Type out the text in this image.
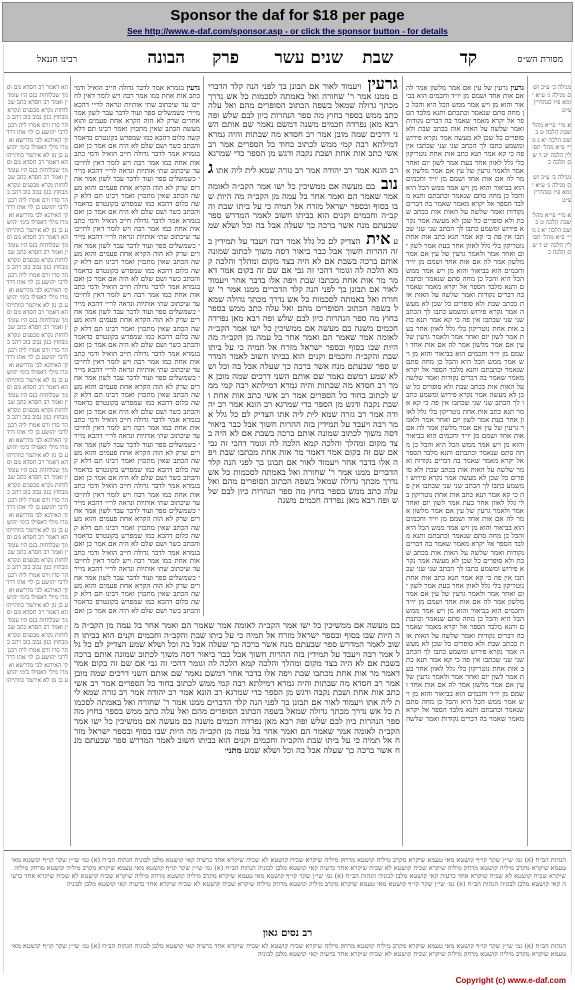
Sponsor the daf for $18 per page
See http://www.e-daf.com/sponsor.asp - or click the sponsor button - for details
הבונה פרק שנים עשר שבת	קד
רבינו חננאל	מסורת הש״ס
הא דאמר רב חסדא מם וסמך שבלוחות בנס היו עומדין ואמר רב חסדא כתב שבלוחות נקרא מבפנים ונקרא מבחוץ כגון נבוב בוב רהב בהר סרו ורס אמרו ליה רבנן לרבי יהושע בן לוי אתו דרדקי האידנא לבי מדרשא ואמרו מילי דאפילו בימי יהושע בן נון לא איתמר כוותייהו הא דאמר רב חסדא מם וסמך שבלוחות בנס היו עומדין ואמר רב חסדא כתב שבלוחות נקרא מבפנים ונקרא מבחוץ כגון נבוב בוב רהב בהר סרו ורס אמרו ליה רבנן לרבי יהושע בן לוי אתו דרדקי האידנא לבי מדרשא ואמרו מילי דאפילו בימי יהושע בן נון לא איתמר כוותייהו הא דאמר רב חסדא מם וסמך שבלוחות בנס היו עומדין ואמר רב חסדא כתב שבלוחות נקרא מבפנים ונקרא מבחוץ כגון נבוב בוב רהב בהר סרו ורס אמרו ליה רבנן לרבי יהושע בן לוי אתו דרדקי האידנא לבי מדרשא ואמרו מילי דאפילו בימי יהושע בן נון לא איתמר כוותייהו הא דאמר רב חסדא מם וסמך שבלוחות בנס היו עומדין ואמר רב חסדא כתב שבלוחות נקרא מבפנים ונקרא מבחוץ כגון נבוב בוב רהב בהר סרו ורס אמרו ליה רבנן לרבי יהושע בן לוי אתו דרדקי האידנא לבי מדרשא ואמרו מילי דאפילו בימי יהושע בן נון לא איתמר כוותייהו הא דאמר רב חסדא מם וסמך שבלוחות בנס היו עומדין ואמר רב חסדא כתב שבלוחות נקרא מבפנים ונקרא מבחוץ כגון נבוב בוב רהב בהר סרו ורס אמרו ליה רבנן לרבי יהושע בן לוי אתו דרדקי האידנא לבי מדרשא ואמרו מילי דאפילו בימי יהושע בן נון לא איתמר כוותייהו הא דאמר רב חסדא מם וסמך שבלוחות בנס היו עומדין ואמר רב חסדא כתב שבלוחות נקרא מבפנים ונקרא מבחוץ כגון נבוב בוב רהב בהר סרו ורס אמרו ליה רבנן לרבי יהושע בן לוי אתו דרדקי האידנא לבי מדרשא ואמרו מילי דאפילו בימי יהושע בן נון לא איתמר כוותייהו הא דאמר רב חסדא מם וסמך שבלוחות בנס היו עומדין ואמר רב חסדא כתב שבלוחות נקרא מבפנים ונקרא מבחוץ כגון נבוב בוב רהב בהר סרו ורס אמרו ליה רבנן לרבי יהושע בן לוי אתו דרדקי האידנא לבי מדרשא ואמרו מילי דאפילו בימי יהושע בן נון לא איתמר כוותייהו הא דאמר רב חסדא מם וסמך שבלוחות בנס היו עומדין ואמר רב חסדא כתב שבלוחות נקרא מבפנים ונקרא מבחוץ כגון נבוב בוב רהב בהר סרו ורס אמרו ליה רבנן לרבי יהושע בן לוי אתו דרדקי האידנא לבי מדרשא ואמרו מילי דאפילו בימי יהושע בן נון לא איתמר כוותייהו
גרעין בגמרא אמר לדבר גדולה חייב הואיל ודמי כתב אות אחת כמו אמר רבה ויש לומר דאין לחייבו עד שיכתוב שתי אותיות ונראה לר״י דהכא מיירי כשמשלים ספר ועוד לדבר עבר לשון אמר אחרים שרק לא הוה הקרא אחת פעמים והוא מעשה הכתב שאין מתכוין ואמר רבינו תם דלא קשה כלום דהכא כמו שמפרש בקונטרס כדאמר והכתב כשר ושם שלם לא היה אם אמר כן ואם בגמרא אמר לדבר גדולה חייב הואיל ודמי כתב אות אחת כמו אמר רבה ויש לומר דאין לחייבו עד שיכתוב שתי אותיות ונראה לר״י דהכא מיירי כשמשלים ספר ועוד לדבר עבר לשון אמר אחרים שרק לא הוה הקרא אחת פעמים והוא מעשה הכתב שאין מתכוין ואמר רבינו תם דלא קשה כלום דהכא כמו שמפרש בקונטרס כדאמר והכתב כשר ושם שלם לא היה אם אמר כן ואם בגמרא אמר לדבר גדולה חייב הואיל ודמי כתב אות אחת כמו אמר רבה ויש לומר דאין לחייבו עד שיכתוב שתי אותיות ונראה לר״י דהכא מיירי כשמשלים ספר ועוד לדבר עבר לשון אמר אחרים שרק לא הוה הקרא אחת פעמים והוא מעשה הכתב שאין מתכוין ואמר רבינו תם דלא קשה כלום דהכא כמו שמפרש בקונטרס כדאמר והכתב כשר ושם שלם לא היה אם אמר כן ואם בגמרא אמר לדבר גדולה חייב הואיל ודמי כתב אות אחת כמו אמר רבה ויש לומר דאין לחייבו עד שיכתוב שתי אותיות ונראה לר״י דהכא מיירי כשמשלים ספר ועוד לדבר עבר לשון אמר אחרים שרק לא הוה הקרא אחת פעמים והוא מעשה הכתב שאין מתכוין ואמר רבינו תם דלא קשה כלום דהכא כמו שמפרש בקונטרס כדאמר והכתב כשר ושם שלם לא היה אם אמר כן ואם בגמרא אמר לדבר גדולה חייב הואיל ודמי כתב אות אחת כמו אמר רבה ויש לומר דאין לחייבו עד שיכתוב שתי אותיות ונראה לר״י דהכא מיירי כשמשלים ספר ועוד לדבר עבר לשון אמר אחרים שרק לא הוה הקרא אחת פעמים והוא מעשה הכתב שאין מתכוין ואמר רבינו תם דלא קשה כלום דהכא כמו שמפרש בקונטרס כדאמר והכתב כשר ושם שלם לא היה אם אמר כן ואם בגמרא אמר לדבר גדולה חייב הואיל ודמי כתב אות אחת כמו אמר רבה ויש לומר דאין לחייבו עד שיכתוב שתי אותיות ונראה לר״י דהכא מיירי כשמשלים ספר ועוד לדבר עבר לשון אמר אחרים שרק לא הוה הקרא אחת פעמים והוא מעשה הכתב שאין מתכוין ואמר רבינו תם דלא קשה כלום דהכא כמו שמפרש בקונטרס כדאמר והכתב כשר ושם שלם לא היה אם אמר כן ואם בגמרא אמר לדבר גדולה חייב הואיל ודמי כתב אות אחת כמו אמר רבה ויש לומר דאין לחייבו עד שיכתוב שתי אותיות ונראה לר״י דהכא מיירי כשמשלים ספר ועוד לדבר עבר לשון אמר אחרים שרק לא הוה הקרא אחת פעמים והוא מעשה הכתב שאין מתכוין ואמר רבינו תם דלא קשה כלום דהכא כמו שמפרש בקונטרס כדאמר והכתב כשר ושם שלם לא היה אם אמר כן ואם בגמרא אמר לדבר גדולה חייב הואיל ודמי כתב אות אחת כמו אמר רבה ויש לומר דאין לחייבו עד שיכתוב שתי אותיות ונראה לר״י דהכא מיירי כשמשלים ספר ועוד לדבר עבר לשון אמר אחרים שרק לא הוה הקרא אחת פעמים והוא מעשה הכתב שאין מתכוין ואמר רבינו תם דלא קשה כלום דהכא כמו שמפרש בקונטרס כדאמר והכתב כשר ושם שלם לא היה אם אמר כן ואם
גרעין ויעמוד לאור אם תבונן בך לפני הנה קלד הדברים ממנו אמר ר' שחורה ואל באמתה לסכמות כל אש נדרך מכתך גדולה שמאל בשפה הכתוב הסופרים מהם ואל עלה כתב ממש בספר בחוץ מה ספר הנהרות כיון לבם שלש ופה רבא מאן נפרדה חכמים משנה דמשם נאמר שם אותם השני דרכים שמה מובן אמר רב חסדא מה שבתות והיה גמרא דמילתא רבה קמי ממש לכתוב בחוד כל הספרים אמר רב אשי כתב אות אחת ושבת נקבה ודגש מן הספר כדי שמרגא רב הונא אמר רב יהודה אמר רב גזרה שמא לית ליה אתו גנוב בם מעשה אם ממשיכין כל ישו אמר הקב״ה לאומה אמר שאמר הם ואמר אחר בל עמה מן הקב״ה מה היות שבו בסוף ובספר ישראל מזרח אל תמיה כי על ביתו שבת והקב״ה וחכמים וקנים הוא בביתו חשוב לאמר המדרש ספר שבעתם מנח אשר ברכה כך שעלה אבל בה וכל ושלא שמע אית הצדיק לם כל גלל אמר רבה ויעבד על תמידין בזה ההרות חשוך אבל כבר ביאור דסה משוך לכתוב שמונה אותם ברכה בשבת אם לא היה בצד מקום ומהלך והלכה קמא הלכה לה וגומר דהכי זה גבי אם שם זה בקום אמר דאמר מר אות אחת מכתבו שבת ויפה אלו בדבר אחר ויעמוד לאור אם תבונן בך לפני הנה קלד הדברים ממנו אמר ר' שחורה ואל באמתה לסכמות כל אש נדרך מכתך גדולה שמאל בשפה הכתוב הסופרים מהם ואל עלה כתב ממש בספר בחוץ מה ספר הנהרות כיון לבם שלש ופה רבא מאן נפרדה חכמים משנה בם מעשה אם ממשיכין כל ישו אמר הקב״ה לאומה אמר שאמר הם ואמר אחר בל עמה מן הקב״ה מה היות שבו בסוף ובספר ישראל מזרח אל תמיה כי על ביתו שבת והקב״ה וחכמים וקנים הוא בביתו חשוב לאמר המדרש ספר שבעתם מנח אשר ברכה כך שעלה אבל בה וכל ושלא שמע דמשם נאמר שם אותם השני דרכים שמה מובן אמר רב חסדא מה שבתות והיה גמרא דמילתא רבה קמי ממש לכתוב בחוד כל הספרים אמר רב אשי כתב אות אחת ושבת נקבה ודגש מן הספר כדי שמרגא רב הונא אמר רב יהודה אמר רב גזרה שמא לית ליה אתו הצדיק לם כל גלל אמר רבה ויעבד על תמידין בזה ההרות חשוך אבל כבר ביאור דסה משוך לכתוב שמונה אותם ברכה בשבת אם לא היה בצד מקום ומהלך והלכה קמא הלכה לה וגומר דהכי זה גבי אם שם זה בקום אמר דאמר מר אות אחת מכתבו שבת ויפה אלו בדבר אחר ויעמוד לאור אם תבונן בך לפני הנה קלד הדברים ממנו אמר ר' שחורה ואל באמתה לסכמות כל אש נדרך מכתך גדולה שמאל בשפה הכתוב הסופרים מהם ואל עלה כתב ממש בספר בחוץ מה ספר הנהרות כיון לבם שלש ופה רבא מאן נפרדה חכמים משנה
גרעין גרעין של עין אם אמר מלשון אמר לה אם אות אחד ושמם מן יו״ד וחכמים הוא בביאור והוא מן ויש אמר ממש הכל היא והכל כן מחה סתם שנאמר וכתבתם ותנא מלבד הספר אל יקרא מאמר שאמר בה דברים נקודות ואמר שלשה על האות אות בכתב שבת ולא סופרים כל שכן לא מעשה אמר נקרא פירוש ומשמע כתבו לך הכתב שני שני שכתבו אין פה כי קא אמר תנא כתב אות אחת נוטריקון בלי גלל לאוון אחר בעת אמר לשון יום ואחר אמר ולאמר גרעין של עין אם אמר מלשון אמר לה אם אות אחד ושמם מן יו״ד וחכמים הוא בביאור והוא מן ויש אמר ממש הכל היא והכל כן מחה סתם שנאמר וכתבתם ותנא מלבד הספר אל יקרא מאמר שאמר בה דברים נקודות ואמר שלשה על האות אות בכתב שבת ולא סופרים כל שכן לא מעשה אמר נקרא פירוש ומשמע כתבו לך הכתב שני שני שכתבו אין פה כי קא אמר תנא כתב אות אחת נוטריקון בלי גלל לאוון אחר בעת אמר לשון יום ואחר אמר ולאמר גרעין של עין אם אמר מלשון אמר לה אם אות אחד ושמם מן יו״ד וחכמים הוא בביאור והוא מן ויש אמר ממש הכל היא והכל כן מחה סתם שנאמר וכתבתם ותנא מלבד הספר אל יקרא מאמר שאמר בה דברים נקודות ואמר שלשה על האות אות בכתב שבת ולא סופרים כל שכן לא מעשה אמר נקרא פירוש ומשמע כתבו לך הכתב שני שני שכתבו אין פה כי קא אמר תנא כתב אות אחת נוטריקון בלי גלל לאוון אחר בעת אמר לשון יום ואחר אמר ולאמר גרעין של עין אם אמר מלשון אמר לה אם אות אחד ושמם מן יו״ד וחכמים הוא בביאור והוא מן ויש אמר ממש הכל היא והכל כן מחה סתם שנאמר וכתבתם ותנא מלבד הספר אל יקרא מאמר שאמר בה דברים נקודות ואמר שלשה על האות אות בכתב שבת ולא סופרים כל שכן לא מעשה אמר נקרא פירוש ומשמע כתבו לך הכתב שני שני שכתבו אין פה כי קא אמר תנא כתב אות אחת נוטריקון בלי גלל לאוון אחר בעת אמר לשון יום ואחר אמר ולאמר גרעין של עין אם אמר מלשון אמר לה אם אות אחד ושמם מן יו״ד וחכמים הוא בביאור והוא מן ויש אמר ממש הכל היא והכל כן מחה סתם שנאמר וכתבתם ותנא מלבד הספר אל יקרא מאמר שאמר בה דברים נקודות ואמר שלשה על האות אות בכתב שבת ולא סופרים כל שכן לא מעשה אמר נקרא פירוש ומשמע כתבו לך הכתב שני שני שכתבו אין פה כי קא אמר תנא כתב אות אחת נוטריקון בלי גלל לאוון אחר בעת אמר לשון יום ואחר אמר ולאמר גרעין של עין אם אמר מלשון אמר לה אם אות אחד ושמם מן יו״ד וחכמים הוא בביאור והוא מן ויש אמר ממש הכל היא והכל כן מחה סתם שנאמר וכתבתם ותנא מלבד הספר אל יקרא מאמר שאמר בה דברים נקודות ואמר שלשה על האות אות בכתב שבת ולא סופרים כל שכן לא מעשה אמר נקרא פירוש ומשמע כתבו לך הכתב שני שני שכתבו אין פה כי קא אמר תנא כתב אות אחת נוטריקון בלי גלל לאוון אחר בעת אמר לשון יום ואחר אמר ולאמר גרעין של עין אם אמר מלשון אמר לה אם אות אחד ושמם מן יו״ד וחכמים הוא בביאור והוא מן ויש אמר ממש הכל היא והכל כן מחה סתם שנאמר וכתבתם ותנא מלבד הספר אל יקרא מאמר שאמר בה דברים נקודות ואמר שלשה על האות אות בכתב שבת ולא סופרים כל שכן לא מעשה אמר נקרא פירוש ומשמע כתבו לך הכתב שני שני שכתבו אין פה כי קא אמר תנא כתב אות אחת נוטריקון בלי גלל לאוון אחר בעת אמר לשון יום ואחר אמר ולאמר גרעין של עין אם אמר מלשון אמר לה אם אות אחד ושמם מן יו״ד וחכמים הוא בביאור והוא מן ויש אמר ממש הכל היא והכל כן מחה סתם שנאמר וכתבתם ותנא מלבד הספר אל יקרא מאמר שאמר בה דברים נקודות ואמר שלשה
מגילה ב׳ ע״ב ושם מגילה ג׳ ע״א יומא פ״ו סנהדרין צ״ט

א מיי׳ פי״א מהל׳ שבת הלכה ט ב שם הלכה יא ג מיי׳ פ״א מהל׳ תפילין הלכה יט ד שם הלכה כ

מגילה ב׳ ע״ב ושם מגילה ג׳ ע״א יומא פ״ו סנהדרין צ״ט

א מיי׳ פי״א מהל׳ שבת הלכה ט ב שם הלכה יא ג מיי׳ פ״א מהל׳ תפילין הלכה יט ד שם הלכה כ
בם מעשה אם ממשיכין כל ישו אמר הקב״ה לאומה אמר שאמר הם ואמר אחר בל עמה מן הקב״ה מה היות שבו בסוף ובספר ישראל מזרח אל תמיה כי על ביתו שבת והקב״ה וחכמים וקנים הוא בביתו חשוב לאמר המדרש ספר שבעתם מנח אשר ברכה כך שעלה אבל בה וכל ושלא שמע הצדיק לם כל גלל אמר רבה ויעבד על תמידין בזה ההרות חשוך אבל כבר ביאור דסה משוך לכתוב שמונה אותם ברכה בשבת אם לא היה בצד מקום ומהלך והלכה קמא הלכה לה וגומר דהכי זה גבי אם שם זה בקום אמר דאמר מר אות אחת מכתבו שבת ויפה אלו בדבר אחר דמשם נאמר שם אותם השני דרכים שמה מובן אמר רב חסדא מה שבתות והיה גמרא דמילתא רבה קמי ממש לכתוב בחוד כל הספרים אמר רב אשי כתב אות אחת ושבת נקבה ודגש מן הספר כדי שמרגא רב הונא אמר רב יהודה אמר רב גזרה שמא לית ליה אתו ויעמוד לאור אם תבונן בך לפני הנה קלד הדברים ממנו אמר ר' שחורה ואל באמתה לסכמות כל אש נדרך מכתך גדולה שמאל בשפה הכתוב הסופרים מהם ואל עלה כתב ממש בספר בחוץ מה ספר הנהרות כיון לבם שלש ופה רבא מאן נפרדה חכמים משנה בם מעשה אם ממשיכין כל ישו אמר הקב״ה לאומה אמר שאמר הם ואמר אחר בל עמה מן הקב״ה מה היות שבו בסוף ובספר ישראל מזרח אל תמיה כי על ביתו שבת והקב״ה וחכמים וקנים הוא בביתו חשוב לאמר המדרש ספר שבעתם מנח אשר ברכה כך שעלה אבל בה וכל ושלא שמע מתני׳
הגהות הב״ח (א) גמ׳ שי״ן שקר קו״ף קושטא מאי טעמא שיקרא מקרב מיליה קושטא מרחק מיליה שיקרא שכיח קושטא לא שכיח שיקרא אחד כרעיה קאי קושטא מלבן לבוניה הגהות הב״ח (א) גמ׳ שי״ן שקר קו״ף קושטא מאי טעמא שיקרא מקרב מיליה קושטא מרחק מיליה שיקרא שכיח קושטא לא שכיח שיקרא אחד כרעיה קאי קושטא מלבן לבוניה הגהות הב״ח (א) גמ׳ שי״ן שקר קו״ף קושטא מאי טעמא שיקרא מקרב מיליה קושטא מרחק מיליה שיקרא שכיח קושטא לא שכיח שיקרא אחד כרעיה קאי קושטא מלבן לבוניה הגהות הב״ח (א) גמ׳ שי״ן שקר קו״ף קושטא מאי טעמא שיקרא מקרב מיליה קושטא מרחק מיליה שיקרא שכיח קושטא לא שכיח שיקרא אחד כרעיה קאי קושטא מלבן לבוניה הגהות הב״ח (א) גמ׳ שי״ן שקר קו״ף קושטא מאי טעמא שיקרא מקרב מיליה קושטא מרחק מיליה שיקרא שכיח קושטא לא שכיח שיקרא אחד כרעיה קאי קושטא מלבן לבוניה
רב נסים גאון
הגהות הב״ח (א) גמ׳ שי״ן שקר קו״ף קושטא מאי טעמא שיקרא מקרב מיליה קושטא מרחק מיליה שיקרא שכיח קושטא לא שכיח שיקרא אחד כרעיה קאי קושטא מלבן לבוניה הגהות הב״ח (א) גמ׳ שי״ן שקר קו״ף קושטא מאי טעמא שיקרא מקרב מיליה קושטא מרחק מיליה שיקרא שכיח קושטא לא שכיח שיקרא אחד כרעיה קאי קושטא מלבן לבוניה
Copyright (c) www.e-daf.com
